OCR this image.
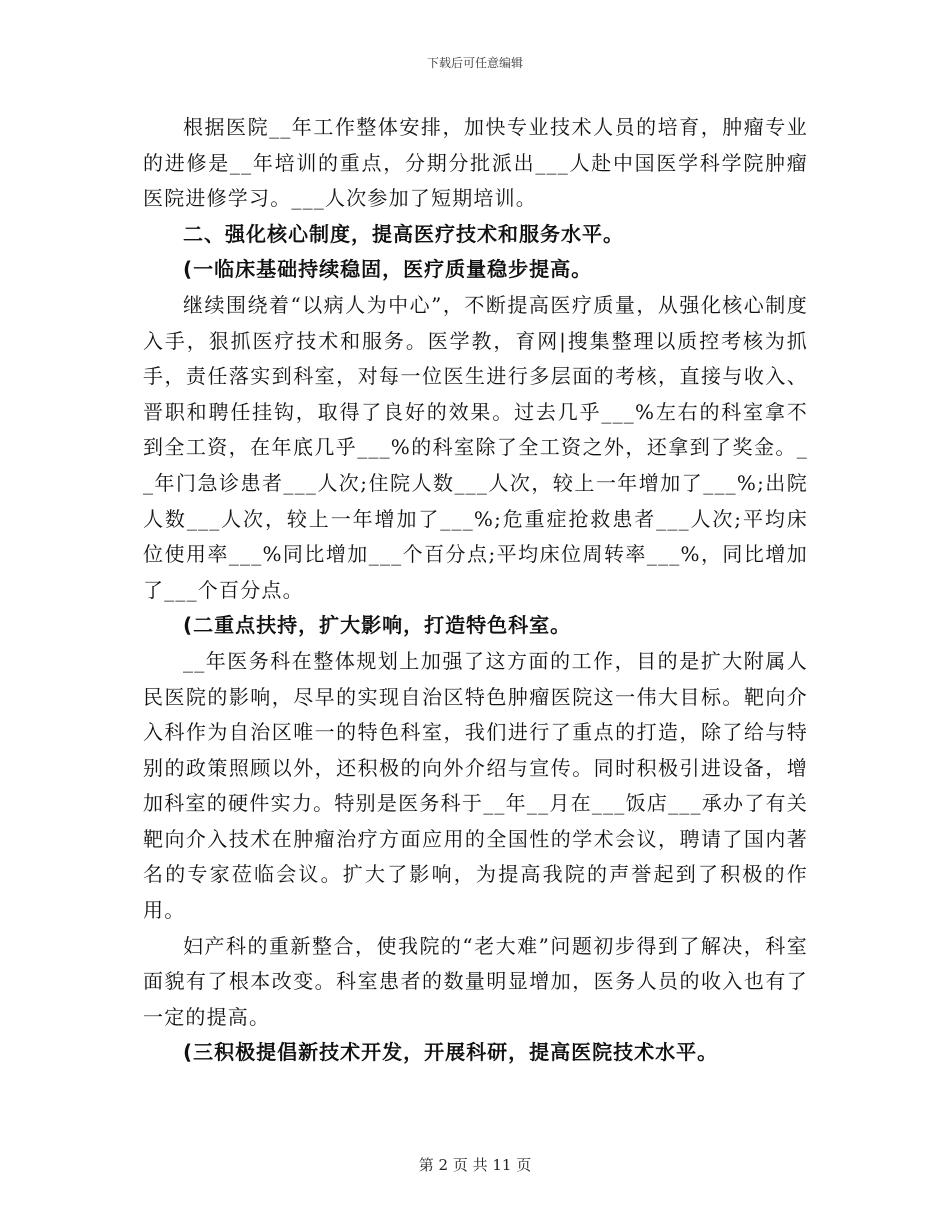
下载后可任意编辑

根据医院__年工作整体安排，加快专业技术人员的培育，肿瘤专业的进修是__年培训的重点，分期分批派出___人赴中国医学科学院肿瘤医院进修学习。___人次参加了短期培训。

二、强化核心制度，提高医疗技术和服务水平。

(一临床基础持续稳固，医疗质量稳步提高。

继续围绕着“以病人为中心”，不断提高医疗质量，从强化核心制度入手，狠抓医疗技术和服务。医学教，育网|搜集整理以质控考核为抓手，责任落实到科室，对每一位医生进行多层面的考核，直接与收入、晋职和聘任挂钩，取得了良好的效果。过去几乎___%左右的科室拿不到全工资，在年底几乎___%的科室除了全工资之外，还拿到了奖金。__年门急诊患者___人次;住院人数___人次，较上一年增加了___%;出院人数___人次，较上一年增加了___%;危重症抢救患者___人次;平均床位使用率___%同比增加___个百分点;平均床位周转率___%，同比增加了___个百分点。

(二重点扶持，扩大影响，打造特色科室。

__年医务科在整体规划上加强了这方面的工作，目的是扩大附属人民医院的影响，尽早的实现自治区特色肿瘤医院这一伟大目标。靶向介入科作为自治区唯一的特色科室，我们进行了重点的打造，除了给与特别的政策照顾以外，还积极的向外介绍与宣传。同时积极引进设备，增加科室的硬件实力。特别是医务科于__年__月在___饭店___承办了有关靶向介入技术在肿瘤治疗方面应用的全国性的学术会议，聘请了国内著名的专家莅临会议。扩大了影响，为提高我院的声誉起到了积极的作用。

妇产科的重新整合，使我院的“老大难”问题初步得到了解决，科室面貌有了根本改变。科室患者的数量明显增加，医务人员的收入也有了一定的提高。

(三积极提倡新技术开发，开展科研，提高医院技术水平。

第 2 页 共 11 页
